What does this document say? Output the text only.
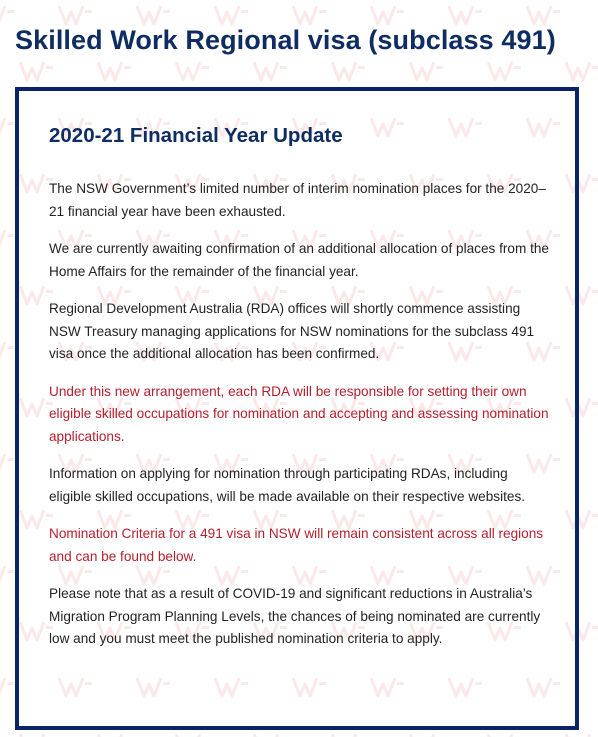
Skilled Work Regional visa (subclass 491)
2020-21 Financial Year Update

The NSW Government’s limited number of interim nomination places for the 2020–21 financial year have been exhausted.

We are currently awaiting confirmation of an additional allocation of places from the Home Affairs for the remainder of the financial year.

Regional Development Australia (RDA) offices will shortly commence assisting NSW Treasury managing applications for NSW nominations for the subclass 491 visa once the additional allocation has been confirmed.

Under this new arrangement, each RDA will be responsible for setting their own eligible skilled occupations for nomination and accepting and assessing nomination applications.

Information on applying for nomination through participating RDAs, including eligible skilled occupations, will be made available on their respective websites.

Nomination Criteria for a 491 visa in NSW will remain consistent across all regions and can be found below.

Please note that as a result of COVID-19 and significant reductions in Australia’s Migration Program Planning Levels, the chances of being nominated are currently low and you must meet the published nomination criteria to apply.
